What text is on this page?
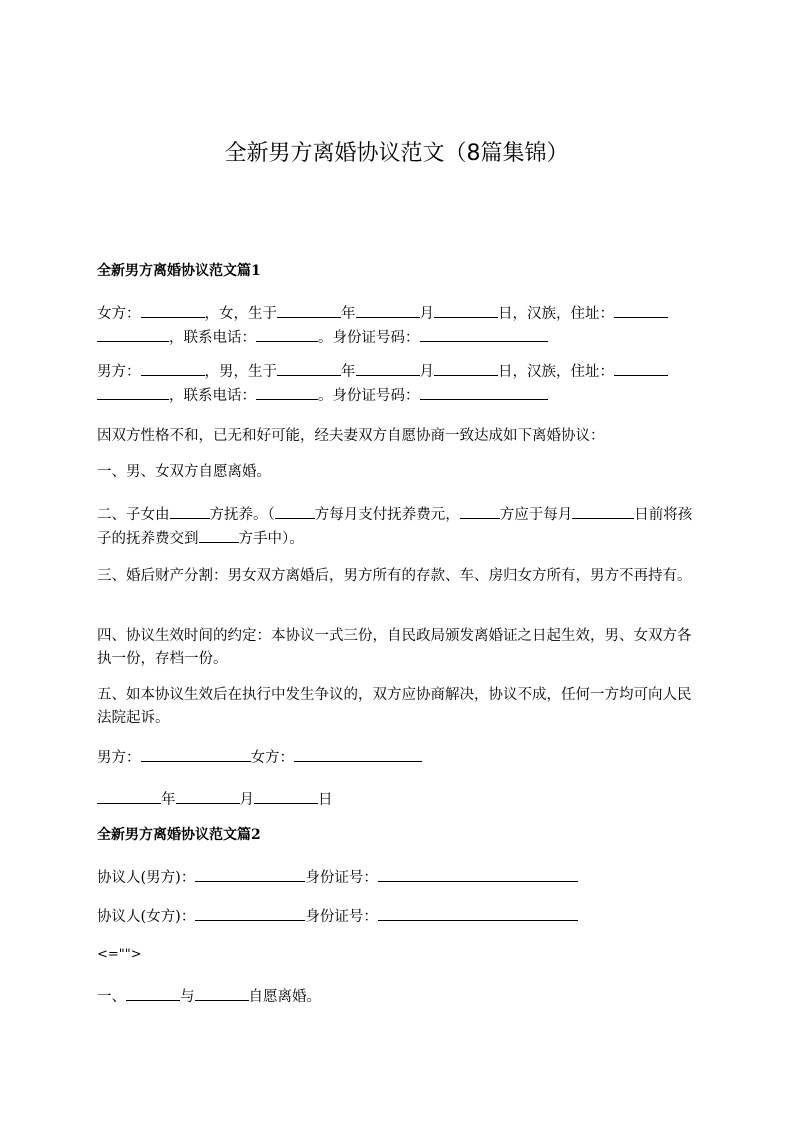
全新男方离婚协议范文（8篇集锦）
全新男方离婚协议范文篇1
女方：	，女，生于	年	月	日，汉族，住址：
，联系电话：	。身份证号码：
男方：	，男，生于	年	月	日，汉族，住址：
，联系电话：	。身份证号码：
因双方性格不和，已无和好可能，经夫妻双方自愿协商一致达成如下离婚协议：
一、男、女双方自愿离婚。
二、子女由	方抚养。（	方每月支付抚养费元，	方应于每月	日前将孩子的抚养费交到	方手中）。
三、婚后财产分割：男女双方离婚后，男方所有的存款、车、房归女方所有，男方不再持有。
四、协议生效时间的约定：本协议一式三份，自民政局颁发离婚证之日起生效，男、女双方各执一份，存档一份。
五、如本协议生效后在执行中发生争议的，双方应协商解决，协议不成，任何一方均可向人民法院起诉。
男方：	女方：
年	月	日
全新男方离婚协议范文篇2
协议人(男方)：	身份证号：
协议人(女方)：	身份证号：
<="">
一、	与	自愿离婚。
